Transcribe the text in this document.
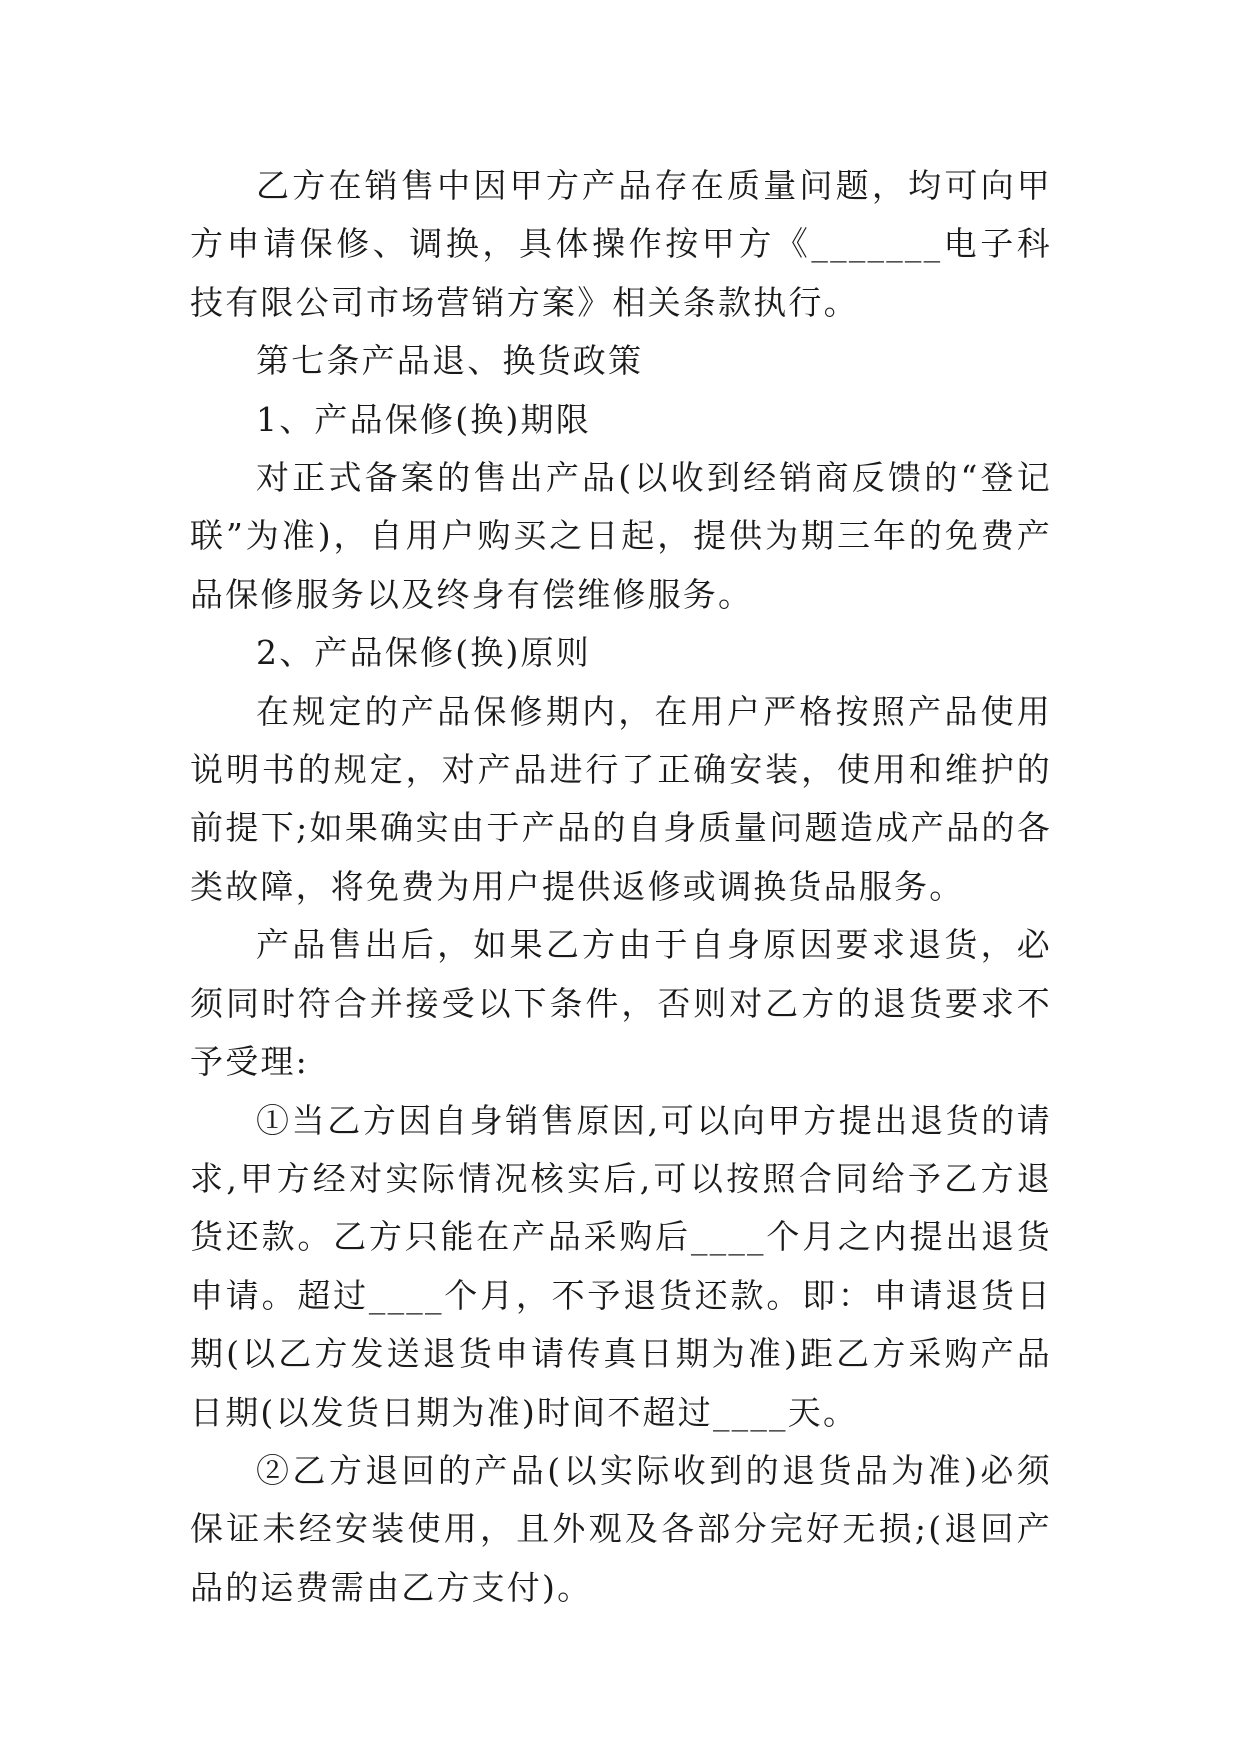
乙方在销售中因甲方产品存在质量问题，均可向甲方申请保修、调换，具体操作按甲方《_______电子科技有限公司市场营销方案》相关条款执行。

第七条产品退、换货政策

1、产品保修(换)期限

对正式备案的售出产品(以收到经销商反馈的“登记联”为准)，自用户购买之日起，提供为期三年的免费产品保修服务以及终身有偿维修服务。

2、产品保修(换)原则

在规定的产品保修期内，在用户严格按照产品使用说明书的规定，对产品进行了正确安装，使用和维护的前提下;如果确实由于产品的自身质量问题造成产品的各类故障，将免费为用户提供返修或调换货品服务。

产品售出后，如果乙方由于自身原因要求退货，必须同时符合并接受以下条件，否则对乙方的退货要求不予受理:

①当乙方因自身销售原因,可以向甲方提出退货的请求,甲方经对实际情况核实后,可以按照合同给予乙方退货还款。乙方只能在产品采购后____个月之内提出退货申请。超过____个月，不予退货还款。即：申请退货日期(以乙方发送退货申请传真日期为准)距乙方采购产品日期(以发货日期为准)时间不超过____天。

②乙方退回的产品(以实际收到的退货品为准)必须保证未经安装使用，且外观及各部分完好无损;(退回产品的运费需由乙方支付)。
